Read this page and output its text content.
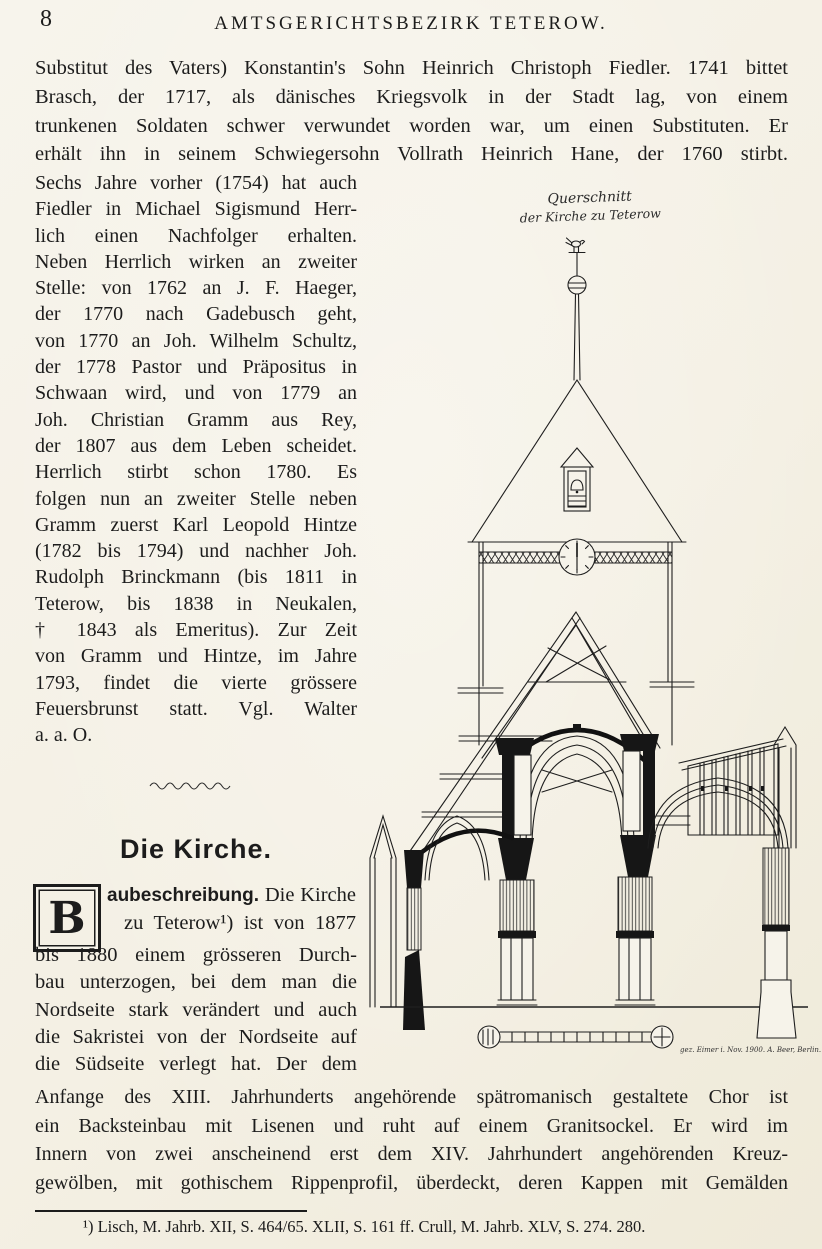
8	AMTSGERICHTSBEZIRK TETEROW.
Substitut des Vaters) Konstantin's Sohn Heinrich Christoph Fiedler. 1741 bittet
Brasch, der 1717, als dänisches Kriegsvolk in der Stadt lag, von einem
trunkenen Soldaten schwer verwundet worden war, um einen Substituten. Er
erhält ihn in seinem Schwiegersohn Vollrath Heinrich Hane, der 1760 stirbt.
Sechs Jahre vorher (1754) hat auch
Fiedler in Michael Sigismund Herr-
lich einen Nachfolger erhalten.
Neben Herrlich wirken an zweiter
Stelle: von 1762 an J. F. Haeger,
der 1770 nach Gadebusch geht,
von 1770 an Joh. Wilhelm Schultz,
der 1778 Pastor und Präpositus in
Schwaan wird, und von 1779 an
Joh. Christian Gramm aus Rey,
der 1807 aus dem Leben scheidet.
Herrlich stirbt schon 1780. Es
folgen nun an zweiter Stelle neben
Gramm zuerst Karl Leopold Hintze
(1782 bis 1794) und nachher Joh.
Rudolph Brinckmann (bis 1811 in
Teterow, bis 1838 in Neukalen,
† 1843 als Emeritus). Zur Zeit
von Gramm und Hintze, im Jahre
1793, findet die vierte grössere
Feuersbrunst statt. Vgl. Walter
a. a. O.
Die Kirche.
B	aubeschreibung. Die Kirche
zu Teterow¹) ist von 1877
bis 1880 einem grösseren Durch-
bau unterzogen, bei dem man die
Nordseite stark verändert und auch
die Sakristei von der Nordseite auf
die Südseite verlegt hat. Der dem
Anfange des XIII. Jahrhunderts angehörende spätromanisch gestaltete Chor ist
ein Backsteinbau mit Lisenen und ruht auf einem Granitsockel. Er wird im
Innern von zwei anscheinend erst dem XIV. Jahrhundert angehörenden Kreuz-
gewölben, mit gothischem Rippenprofil, überdeckt, deren Kappen mit Gemälden
¹) Lisch, M. Jahrb. XII, S. 464/65. XLII, S. 161 ff. Crull, M. Jahrb. XLV, S. 274. 280.
Querschnitt
der Kirche zu Teterow
gez. Eimer i. Nov. 1900. A. Beer, Berlin.
